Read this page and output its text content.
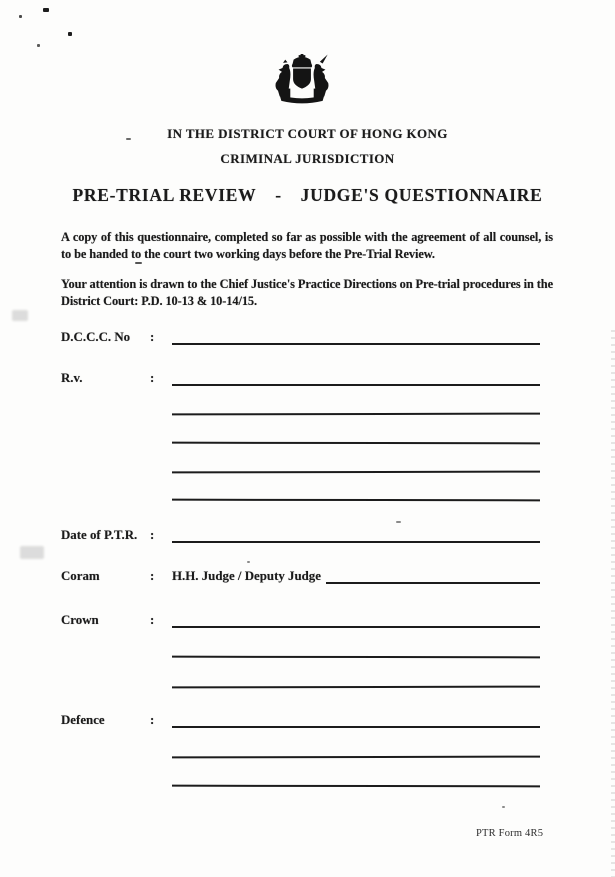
IN THE DISTRICT COURT OF HONG KONG
CRIMINAL JURISDICTION
PRE-TRIAL REVIEW  -  JUDGE'S QUESTIONNAIRE

A copy of this questionnaire, completed so far as possible with the agreement of all counsel, is to be handed to the court two working days before the Pre-Trial Review.

Your attention is drawn to the Chief Justice's Practice Directions on Pre-trial procedures in the District Court: P.D. 10-13 & 10-14/15.

D.C.C.C. No	:
R.v.	:
Date of P.T.R. :
Coram	:	H.H. Judge / Deputy Judge
Crown	:
Defence	:
PTR Form 4R5
